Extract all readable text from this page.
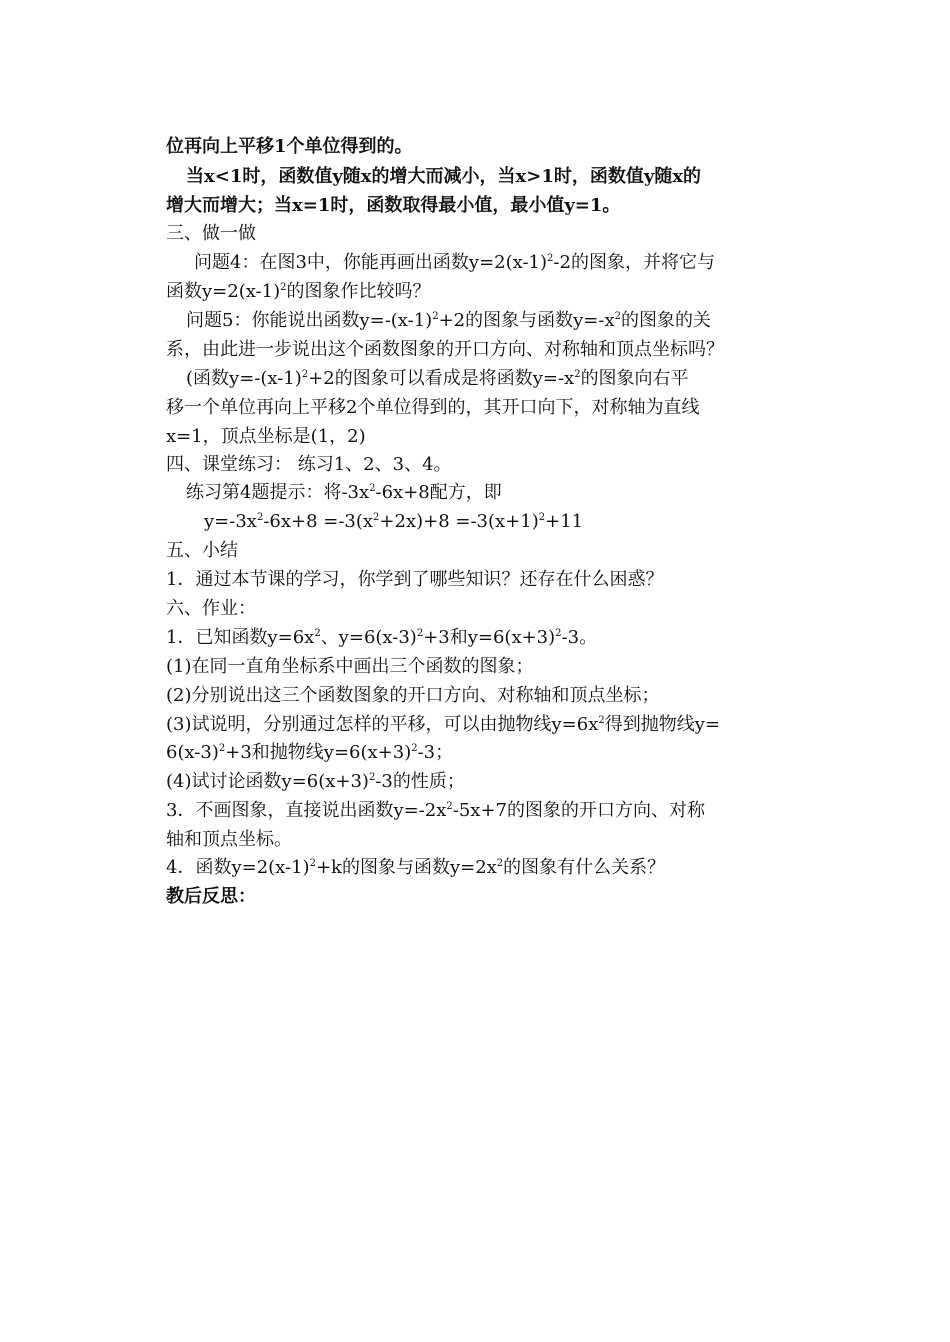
位再向上平移1个单位得到的。
当x<1时，函数值y随x的增大而减小，当x>1时，函数值y随x的
增大而增大；当x=1时，函数取得最小值，最小值y=1。
三、做一做
问题4：在图3中，你能再画出函数$y=2(x-1)^2-2$的图象，并将它与
函数$y=2(x-1)^2$的图象作比较吗？
问题5：你能说出函数$y=-(x-1)^2+2$的图象与函数$y=-x^2$的图象的关
系，由此进一步说出这个函数图象的开口方向、对称轴和顶点坐标吗？
(函数$y=-(x-1)^2+2$的图象可以看成是将函数$y=-x^2$的图象向右平
移一个单位再向上平移2个单位得到的，其开口向下，对称轴为直线
x=1，顶点坐标是(1，2)
四、课堂练习： 练习1、2、3、4。
练习第4题提示：将$-3x^2-6x+8$配方，即
$y=-3x^2-6x+8 =-3(x^2+2x)+8 =-3(x+1)^2+11$
五、小结
1．通过本节课的学习，你学到了哪些知识？还存在什么困惑？
六、作业：
1．已知函数$y=6x^2$、$y=6(x-3)^2+3$和$y=6(x+3)^2-3$。
(1)在同一直角坐标系中画出三个函数的图象；
(2)分别说出这三个函数图象的开口方向、对称轴和顶点坐标；
(3)试说明，分别通过怎样的平移，可以由抛物线$y=6x^2$得到抛物线y=
$6(x-3)^2+3$和抛物线$y=6(x+3)^2-3$；
(4)试讨论函数$y=6(x+3)^2-3$的性质；
3．不画图象，直接说出函数$y=-2x^2-5x+7$的图象的开口方向、对称
轴和顶点坐标。
4．函数$y=2(x-1)^2+k$的图象与函数$y=2x^2$的图象有什么关系？
教后反思：
